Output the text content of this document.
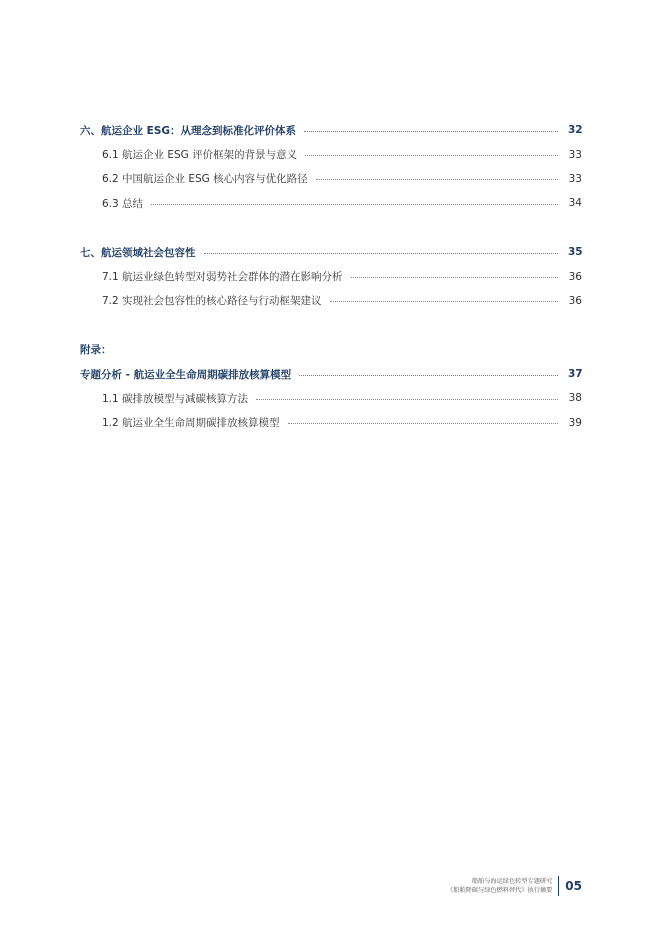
六、航运企业 ESG：从理念到标准化评价体系	32
6.1 航运企业 ESG 评价框架的背景与意义	33
6.2 中国航运企业 ESG 核心内容与优化路径	33
6.3 总结	34
七、航运领域社会包容性	35
7.1 航运业绿色转型对弱势社会群体的潜在影响分析	36
7.2 实现社会包容性的核心路径与行动框架建议	36
附录：
专题分析 - 航运业全生命周期碳排放核算模型	37
1.1 碳排放模型与减碳核算方法	38
1.2 航运业全生命周期碳排放核算模型	39
船舶与海运绿色转型专题研究
《船舶降碳与绿色燃料替代》执行摘要 05
